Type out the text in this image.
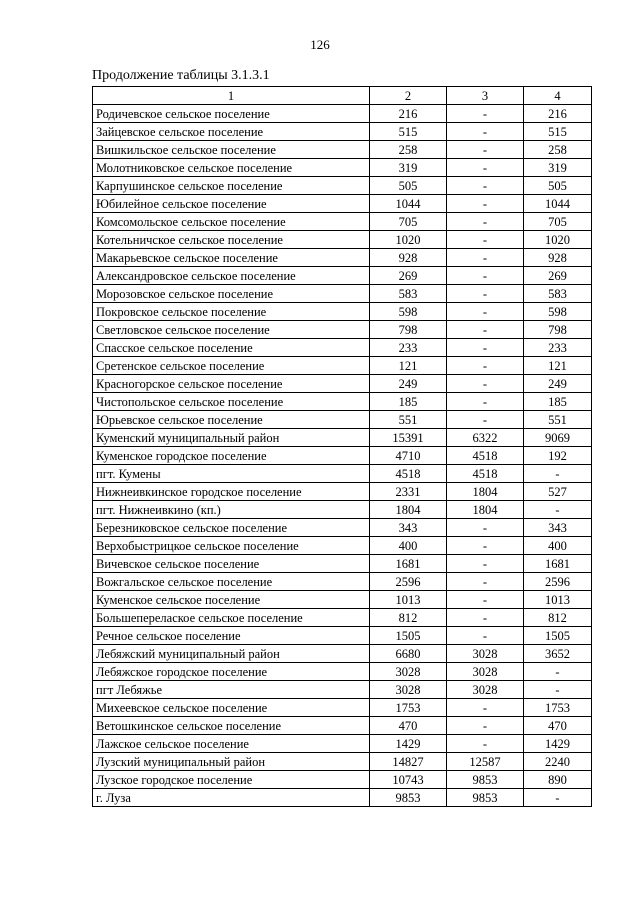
126
Продолжение таблицы 3.1.3.1
1	2	3	4
Родичевское сельское поселение	216	-	216
Зайцевское сельское поселение	515	-	515
Вишкильское сельское поселение	258	-	258
Молотниковское сельское поселение	319	-	319
Карпушинское сельское поселение	505	-	505
Юбилейное сельское поселение	1044	-	1044
Комсомольское сельское поселение	705	-	705
Котельничское сельское поселение	1020	-	1020
Макарьевское сельское поселение	928	-	928
Александровское сельское поселение	269	-	269
Морозовское сельское поселение	583	-	583
Покровское сельское поселение	598	-	598
Светловское сельское поселение	798	-	798
Спасское сельское поселение	233	-	233
Сретенское сельское поселение	121	-	121
Красногорское сельское поселение	249	-	249
Чистопольское сельское поселение	185	-	185
Юрьевское сельское поселение	551	-	551
Куменский муниципальный район	15391	6322	9069
Куменское городское поселение	4710	4518	192
пгт. Кумены	4518	4518	-
Нижнеивкинское городское поселение	2331	1804	527
пгт. Нижнеивкино (кп.)	1804	1804	-
Березниковское сельское поселение	343	-	343
Верхобыстрицкое сельское поселение	400	-	400
Вичевское сельское поселение	1681	-	1681
Вожгальское сельское поселение	2596	-	2596
Куменское сельское поселение	1013	-	1013
Большеперелаское сельское поселение	812	-	812
Речное сельское поселение	1505	-	1505
Лебяжский муниципальный район	6680	3028	3652
Лебяжское городское поселение	3028	3028	-
пгт Лебяжье	3028	3028	-
Михеевское сельское поселение	1753	-	1753
Ветошкинское сельское поселение	470	-	470
Лажское сельское поселение	1429	-	1429
Лузский муниципальный район	14827	12587	2240
Лузское городское поселение	10743	9853	890
г. Луза	9853	9853	-
